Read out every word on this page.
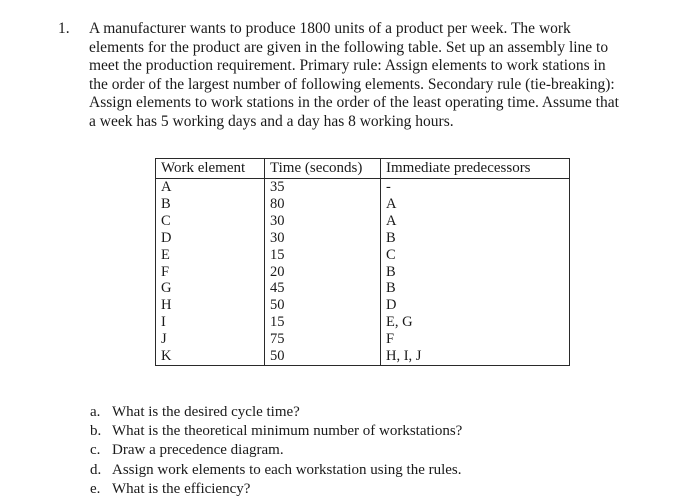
1. A manufacturer wants to produce 1800 units of a product per week. The work
elements for the product are given in the following table. Set up an assembly line to
meet the production requirement. Primary rule: Assign elements to work stations in
the order of the largest number of following elements. Secondary rule (tie-breaking):
Assign elements to work stations in the order of the least operating time. Assume that
a week has 5 working days and a day has 8 working hours.
Work element	Time (seconds)	Immediate predecessors
A	35	-
B	80	A
C	30	A
D	30	B
E	15	C
F	20	B
G	45	B
H	50	D
I	15	E, G
J	75	F
K	50	H, I, J
a. What is the desired cycle time?
b. What is the theoretical minimum number of workstations?
c. Draw a precedence diagram.
d. Assign work elements to each workstation using the rules.
e. What is the efficiency?
